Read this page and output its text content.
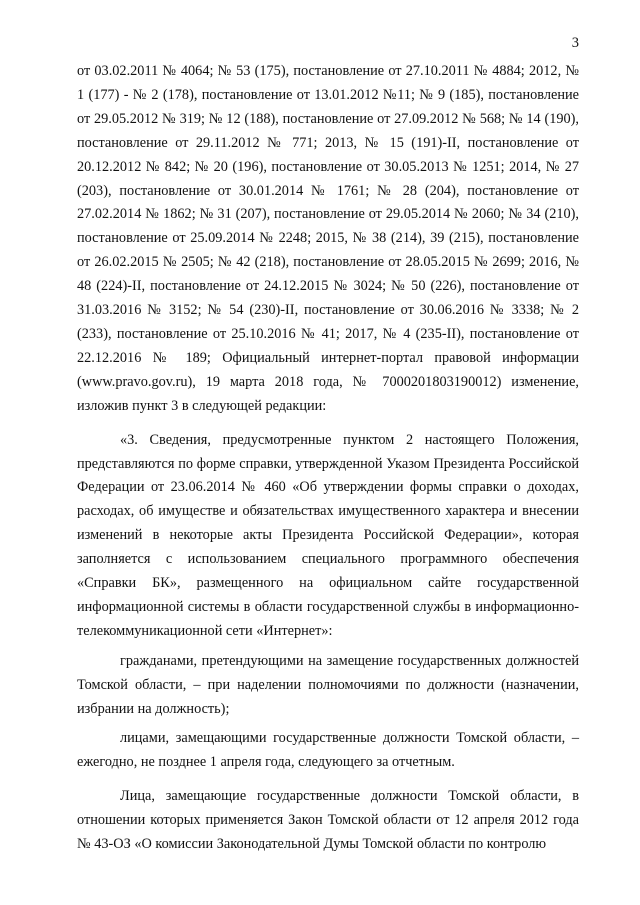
3

от 03.02.2011 № 4064; № 53 (175), постановление от 27.10.2011 № 4884; 2012, № 1 (177) - № 2 (178), постановление от 13.01.2012 №11; № 9 (185), постановление от 29.05.2012 № 319; № 12 (188), постановление от 27.09.2012 № 568; № 14 (190), постановление от 29.11.2012 № 771; 2013, № 15 (191)-II, постановление от 20.12.2012 № 842; № 20 (196), постановление от 30.05.2013 № 1251; 2014, № 27 (203), постановление от 30.01.2014 № 1761; № 28 (204), постановление от 27.02.2014 № 1862; № 31 (207), постановление от 29.05.2014 № 2060; № 34 (210), постановление от 25.09.2014 № 2248; 2015, № 38 (214), 39 (215), постановление от 26.02.2015 № 2505; № 42 (218), постановление от 28.05.2015 № 2699; 2016, № 48 (224)-II, постановление от 24.12.2015 № 3024; № 50 (226), постановление от 31.03.2016 № 3152; № 54 (230)-II, постановление от 30.06.2016 № 3338; № 2 (233), постановление от 25.10.2016 № 41; 2017, № 4 (235-II), постановление от 22.12.2016 № 189; Официальный интернет-портал правовой информации (www.pravo.gov.ru), 19 марта 2018 года, № 7000201803190012) изменение, изложив пункт 3 в следующей редакции:

«3. Сведения, предусмотренные пунктом 2 настоящего Положения, представляются по форме справки, утвержденной Указом Президента Российской Федерации от 23.06.2014 № 460 «Об утверждении формы справки о доходах, расходах, об имуществе и обязательствах имущественного характера и внесении изменений в некоторые акты Президента Российской Федерации», которая заполняется с использованием специального программного обеспечения «Справки БК», размещенного на официальном сайте государственной информационной системы в области государственной службы в информационно-телекоммуникационной сети «Интернет»:

гражданами, претендующими на замещение государственных должностей Томской области, – при наделении полномочиями по должности (назначении, избрании на должность);

лицами, замещающими государственные должности Томской области, – ежегодно, не позднее 1 апреля года, следующего за отчетным.

Лица, замещающие государственные должности Томской области, в отношении которых применяется Закон Томской области от 12 апреля 2012 года № 43-ОЗ «О комиссии Законодательной Думы Томской области по контролю
